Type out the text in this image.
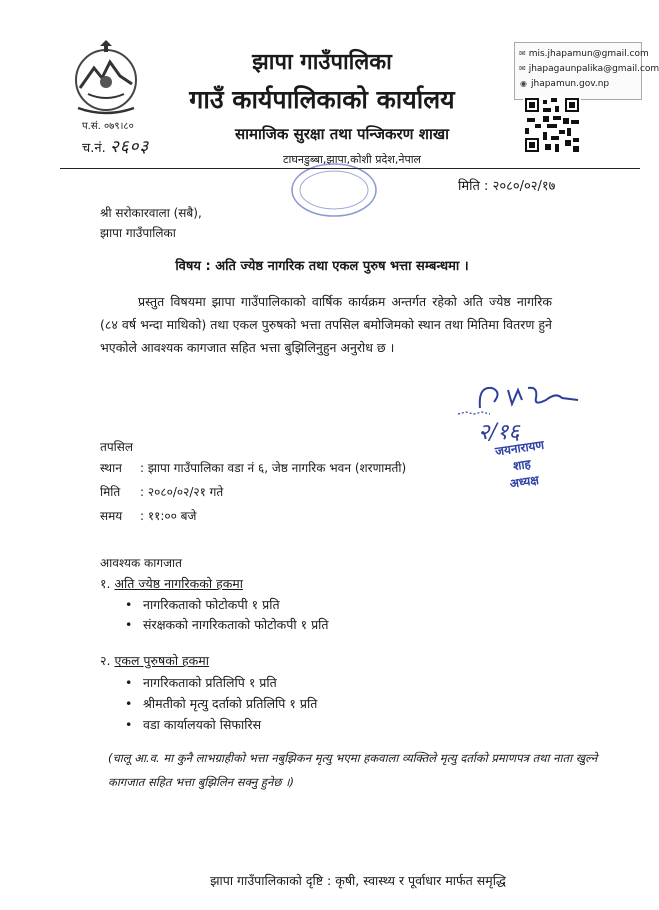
प.सं. ०७९।८०
च.नं. २६०३
झापा गाउँपालिका
गाउँ कार्यपालिकाको कार्यालय
सामाजिक सुरक्षा तथा पन्जिकरण शाखा
टाघनडुब्बा,झापा,कोशी प्रदेश,नेपाल
✉ mis.jhapamun@gmail.com
✉ jhapagaunpalika@gmail.com
◉ jhapamun.gov.np
मिति : २०८०/०२/१७
श्री सरोकारवाला (सबै),
झापा गाउँपालिका
विषय : अति ज्येष्ठ नागरिक तथा एकल पुरुष भत्ता सम्बन्धमा ।
प्रस्तुत विषयमा झापा गाउँपालिकाको वार्षिक कार्यक्रम अन्तर्गत रहेको अति ज्येष्ठ नागरिक (८४ वर्ष भन्दा माथिको) तथा एकल पुरुषको भत्ता तपसिल बमोजिमको स्थान तथा मितिमा वितरण हुने भएकोले आवश्यक कागजात सहित भत्ता बुझिलिनुहुन अनुरोध छ ।
२/१६
जयनारायण शाह
अध्यक्ष
तपसिल
स्थान : झापा गाउँपालिका वडा नं ६, जेष्ठ नागरिक भवन (शरणामती)
मिति : २०८०/०२/२१ गते
समय : ११:०० बजे
आवश्यक कागजात
१. अति ज्येष्ठ नागरिकको हकमा
• नागरिकताको फोटोकपी १ प्रति
• संरक्षकको नागरिकताको फोटोकपी १ प्रति
२. एकल पुरुषको हकमा
• नागरिकताको प्रतिलिपि १ प्रति
• श्रीमतीको मृत्यु दर्ताको प्रतिलिपि १ प्रति
• वडा कार्यालयको सिफारिस
(चालू आ.व. मा कुनै लाभग्राहीको भत्ता नबुझिकन मृत्यु भएमा हकवाला व्यक्तिले मृत्यु दर्ताको प्रमाणपत्र तथा नाता खुल्ने कागजात सहित भत्ता बुझिलिन सक्नु हुनेछ ।)
झापा गाउँपालिकाको दृष्टि : कृषी, स्वास्थ्य र पूर्वाधार मार्फत समृद्धि
